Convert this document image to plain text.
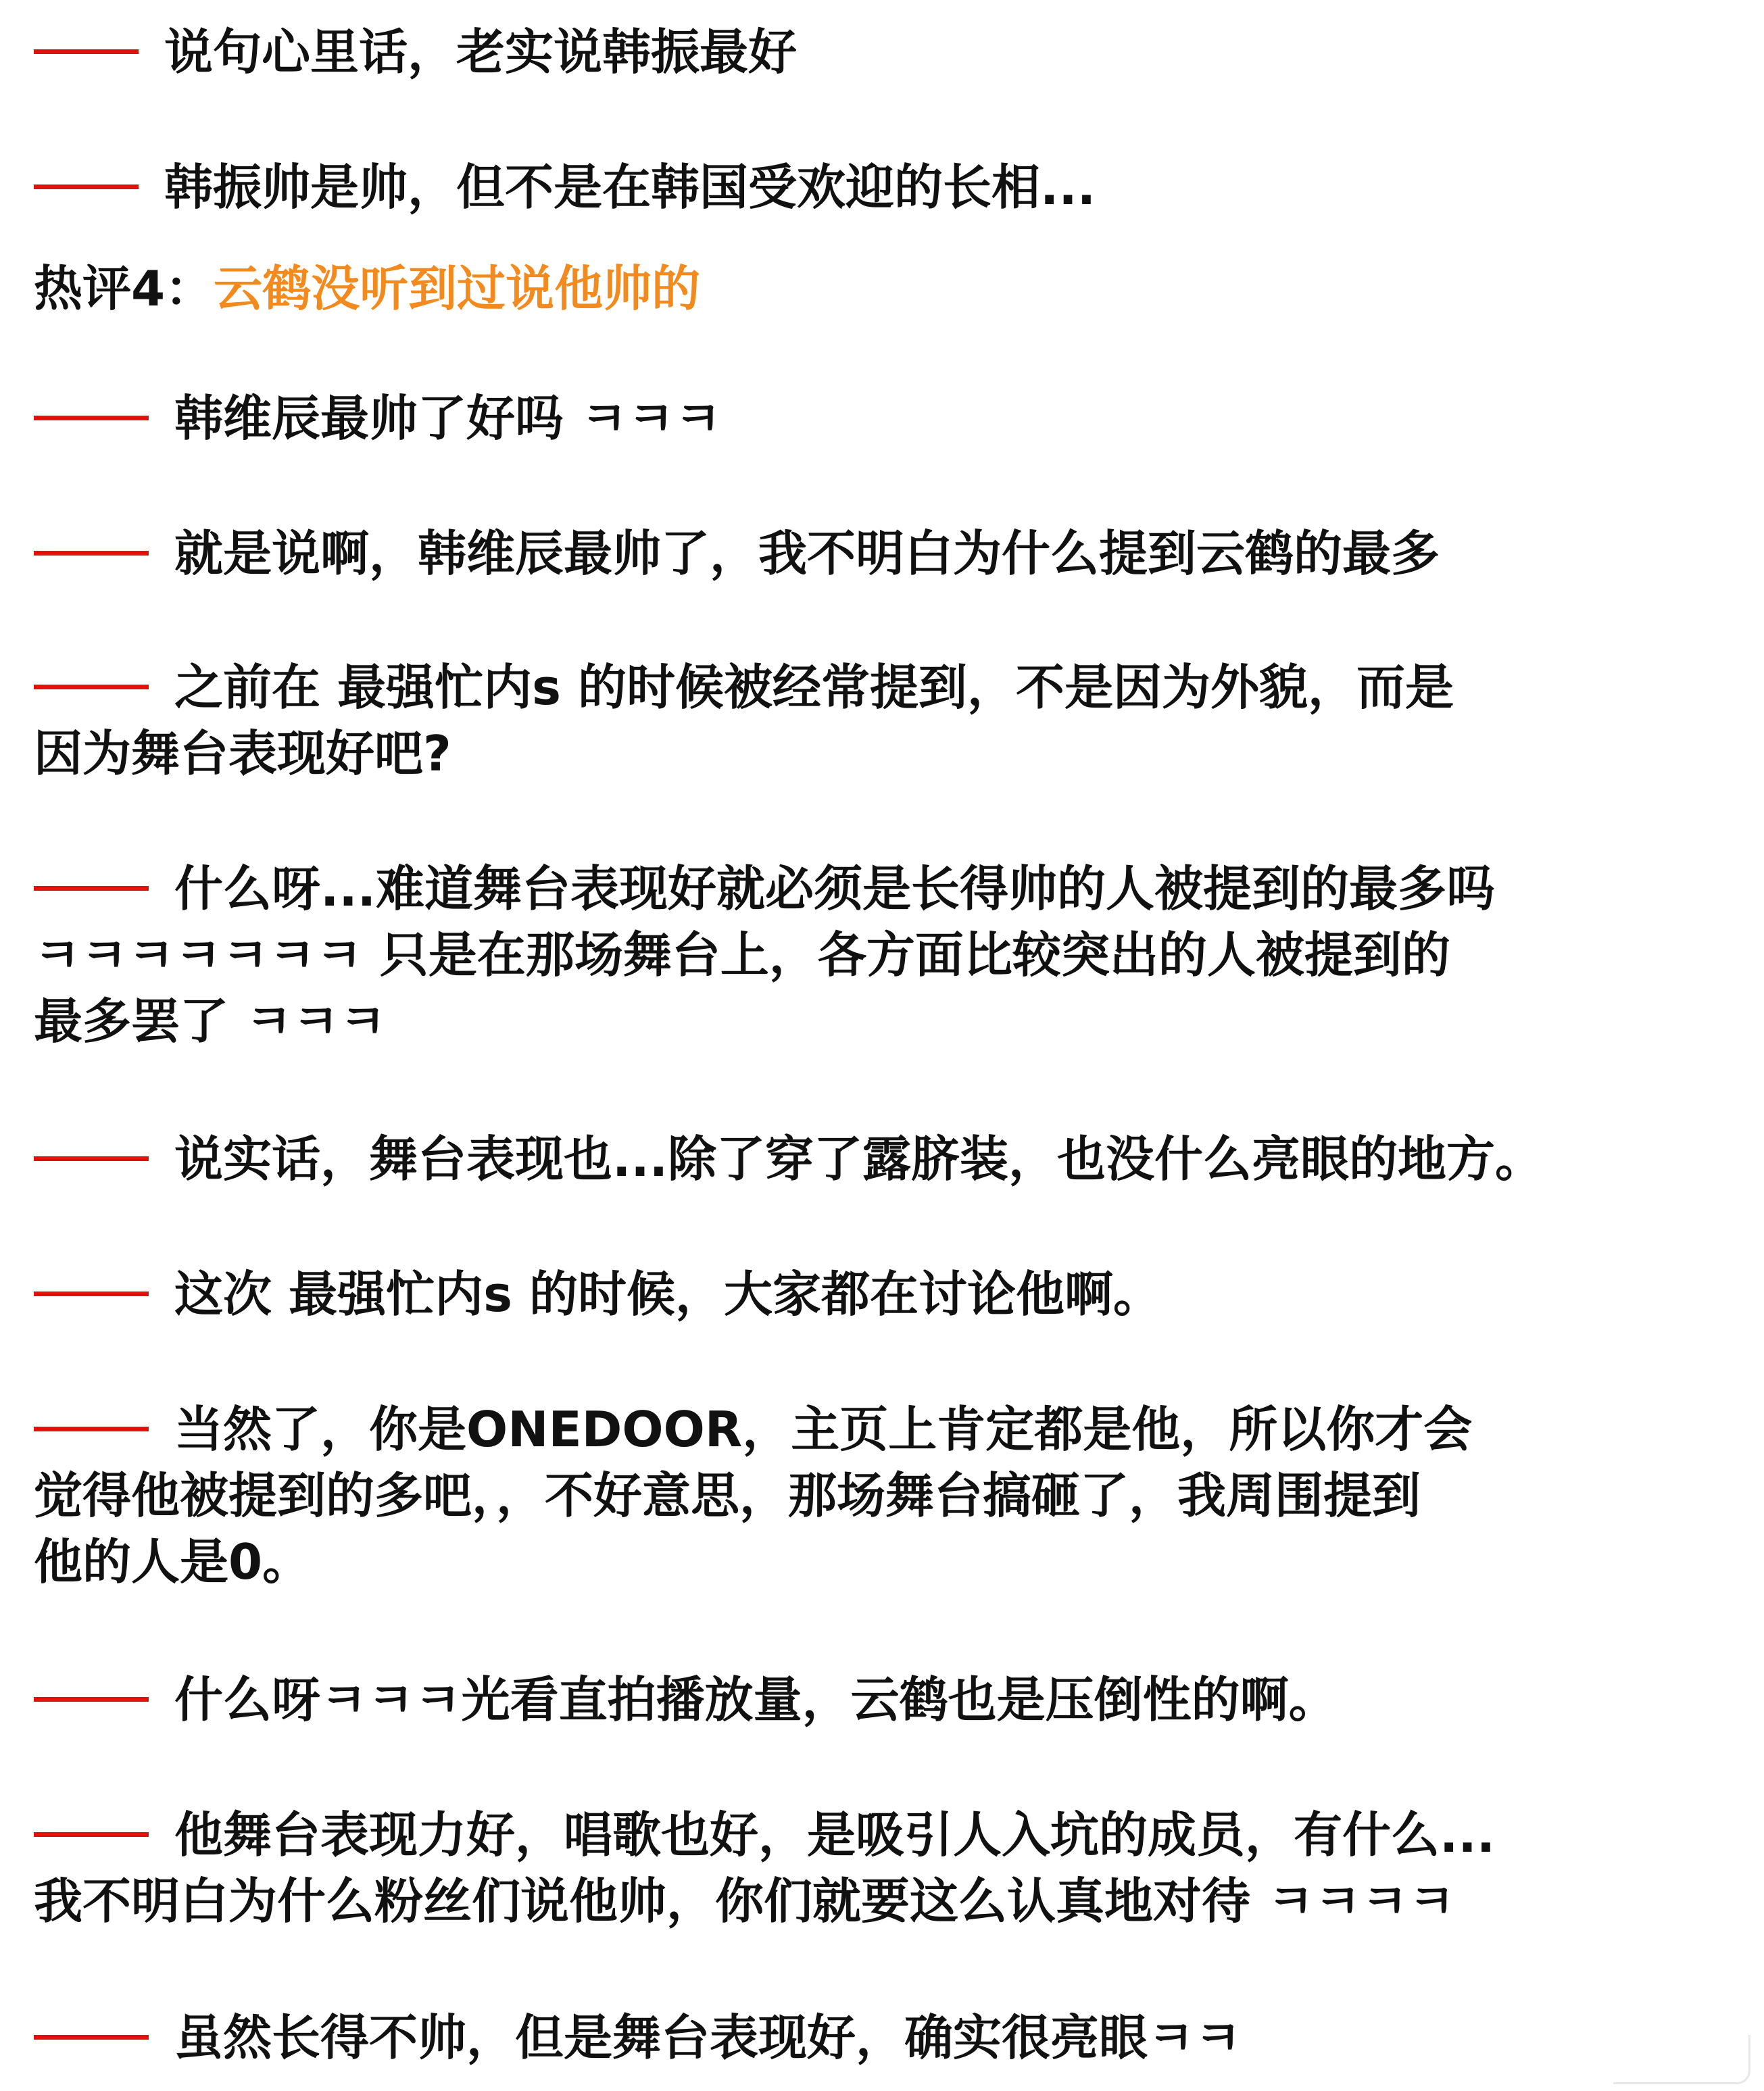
说句心里话，老实说韩振最好
韩振帅是帅，但不是在韩国受欢迎的长相...
热评4：云鹤没听到过说他帅的
韩维辰最帅了好吗 ㅋㅋㅋ
就是说啊，韩维辰最帅了，我不明白为什么提到云鹤的最多
之前在 最强忙内s 的时候被经常提到，不是因为外貌，而是
因为舞台表现好吧?
什么呀...难道舞台表现好就必须是长得帅的人被提到的最多吗
ㅋㅋㅋㅋㅋㅋㅋ 只是在那场舞台上，各方面比较突出的人被提到的
最多罢了 ㅋㅋㅋ
说实话，舞台表现也...除了穿了露脐装，也没什么亮眼的地方。
这次 最强忙内s 的时候，大家都在讨论他啊。
当然了，你是ONEDOOR，主页上肯定都是他，所以你才会
觉得他被提到的多吧，，不好意思，那场舞台搞砸了，我周围提到
他的人是0。
什么呀ㅋㅋㅋ光看直拍播放量，云鹤也是压倒性的啊。
他舞台表现力好，唱歌也好，是吸引人入坑的成员，有什么...
我不明白为什么粉丝们说他帅，你们就要这么认真地对待 ㅋㅋㅋㅋ
虽然长得不帅，但是舞台表现好，确实很亮眼ㅋㅋ
